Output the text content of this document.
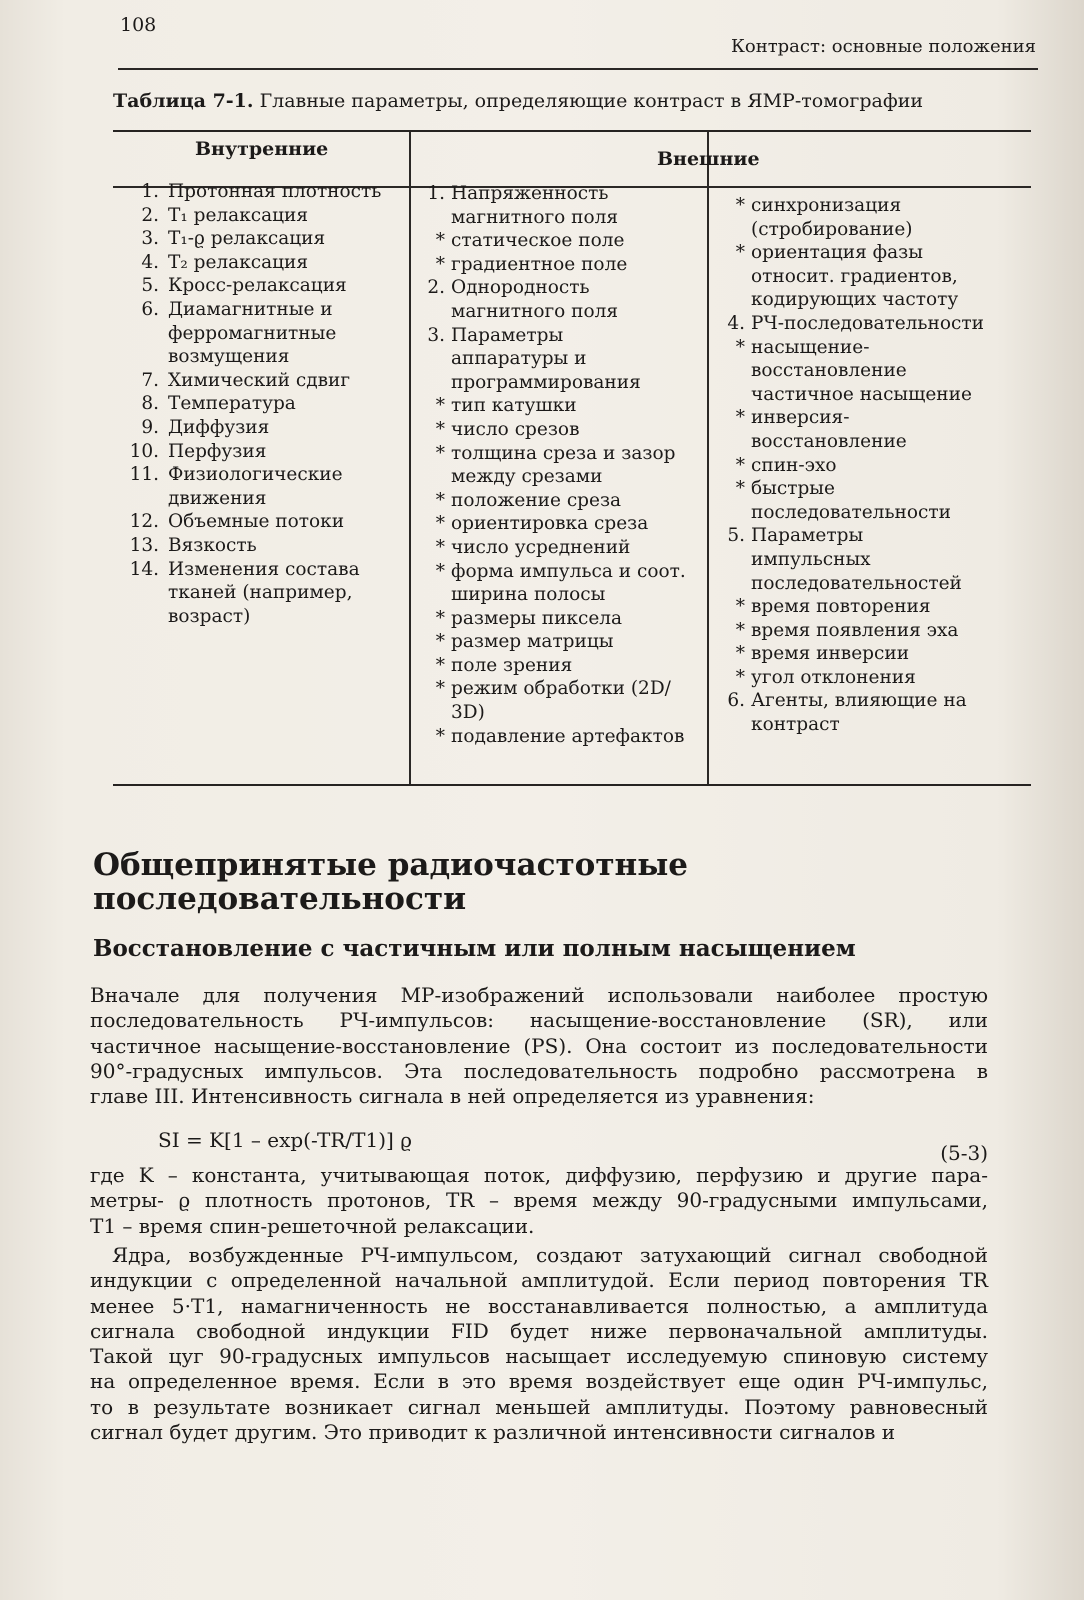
108
Контраст: основные положения
Таблица 7-1. Главные параметры, определяющие контраст в ЯМР-томографии
Внутренние	Внешние
1. Протонная плотность
2. T₁ релаксация
3. T₁-ϱ релаксация
4. T₂ релаксация
5. Кросс-релаксация
6. Диамагнитные и
ферромагнитные
возмущения
7. Химический сдвиг
8. Температура
9. Диффузия
10. Перфузия
11. Физиологические
движения
12. Объемные потоки
13. Вязкость
14. Изменения состава
тканей (например,
возраст)
1. Напряженность
магнитного поля
* статическое поле
* градиентное поле
2. Однородность
магнитного поля
3. Параметры
аппаратуры и
программирования
* тип катушки
* число срезов
* толщина среза и зазор
между срезами
* положение среза
* ориентировка среза
* число усреднений
* форма импульса и соот.
ширина полосы
* размеры пиксела
* размер матрицы
* поле зрения
* режим обработки (2D/
3D)
* подавление артефактов
* синхронизация
(стробирование)
* ориентация фазы
относит. градиентов,
кодирующих частоту
4. РЧ-последовательности
* насыщение-
восстановление
частичное насыщение
* инверсия-
восстановление
* спин-эхо
* быстрые
последовательности
5. Параметры
импульсных
последовательностей
* время повторения
* время появления эха
* время инверсии
* угол отклонения
6. Агенты, влияющие на
контраст
Общепринятые радиочастотные
последовательности
Восстановление с частичным или полным насыщением
Вначале для получения МР-изображений использовали наиболее простую
последовательность РЧ-импульсов: насыщение-восстановление (SR), или
частичное насыщение-восстановление (PS). Она состоит из последовательности
90°-градусных импульсов. Эта последовательность подробно рассмотрена в
главе III. Интенсивность сигнала в ней определяется из уравнения:
SI = K[1 – exp(-TR/T1)] ϱ
(5-3)
где K – константа, учитывающая поток, диффузию, перфузию и другие пара-
метры- ϱ плотность протонов, TR – время между 90-градусными импульсами,
T1 – время спин-решеточной релаксации.
Ядра, возбужденные РЧ-импульсом, создают затухающий сигнал свободной
индукции с определенной начальной амплитудой. Если период повторения TR
менее 5·T1, намагниченность не восстанавливается полностью, а амплитуда
сигнала свободной индукции FID будет ниже первоначальной амплитуды.
Такой цуг 90-градусных импульсов насыщает исследуемую спиновую систему
на определенное время. Если в это время воздействует еще один РЧ-импульс,
то в результате возникает сигнал меньшей амплитуды. Поэтому равновесный
сигнал будет другим. Это приводит к различной интенсивности сигналов и
